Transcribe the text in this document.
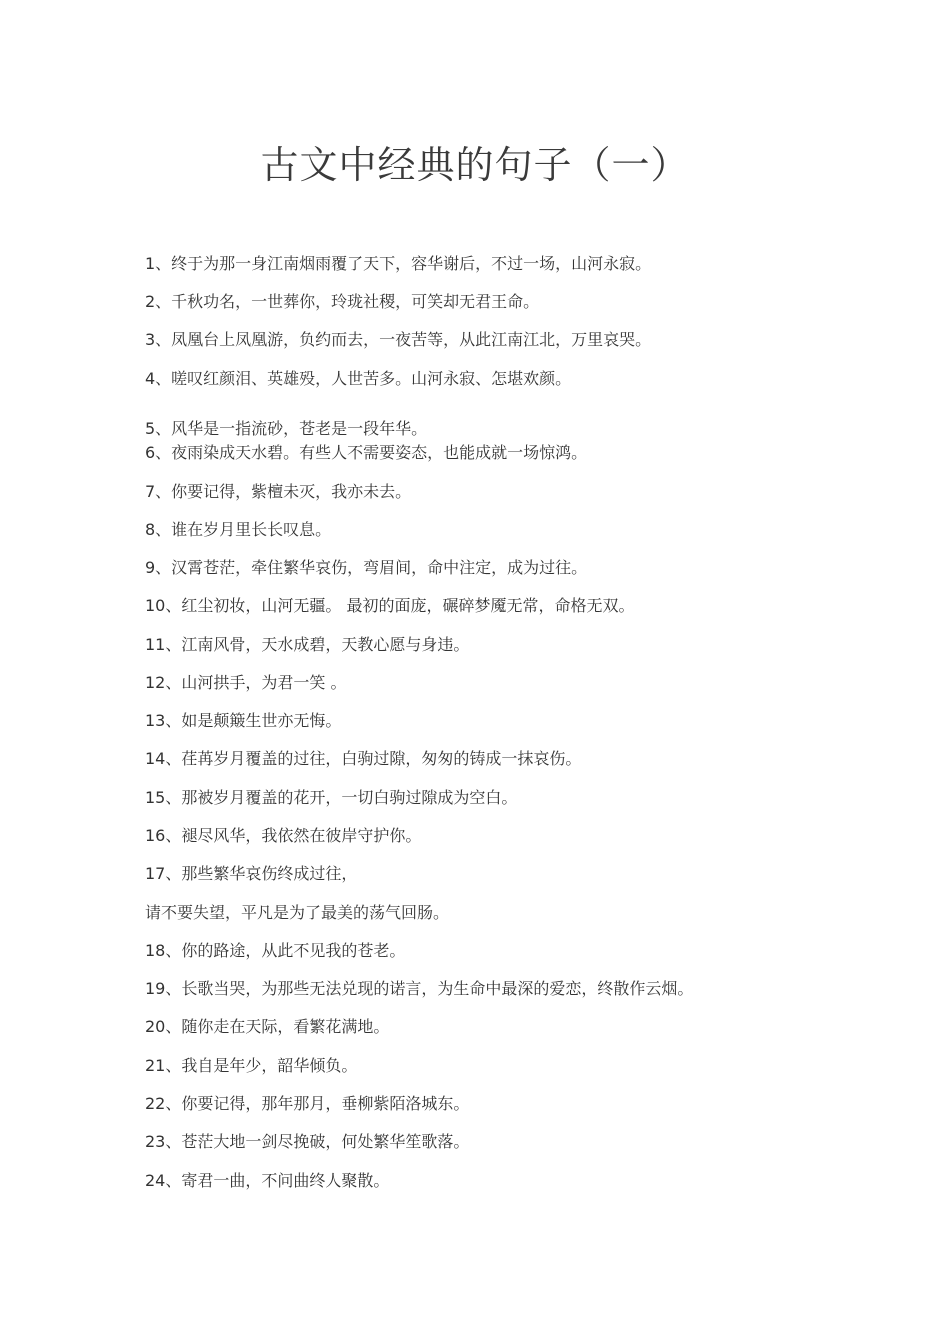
古文中经典的句子（一）
1、终于为那一身江南烟雨覆了天下，容华谢后，不过一场，山河永寂。
2、千秋功名，一世葬你，玲珑社稷，可笑却无君王命。
3、凤凰台上凤凰游，负约而去，一夜苦等，从此江南江北，万里哀哭。
4、嗟叹红颜泪、英雄殁，人世苦多。山河永寂、怎堪欢颜。
5、风华是一指流砂，苍老是一段年华。
6、夜雨染成天水碧。有些人不需要姿态，也能成就一场惊鸿。
7、你要记得，紫檀未灭，我亦未去。
8、谁在岁月里长长叹息。
9、汉霄苍茫，牵住繁华哀伤，弯眉间，命中注定，成为过往。
10、红尘初妆，山河无疆。 最初的面庞，碾碎梦魇无常，命格无双。
11、江南风骨，天水成碧，天教心愿与身违。
12、山河拱手，为君一笑 。
13、如是颠簸生世亦无悔。
14、荏苒岁月覆盖的过往，白驹过隙，匆匆的铸成一抹哀伤。
15、那被岁月覆盖的花开，一切白驹过隙成为空白。
16、褪尽风华，我依然在彼岸守护你。
17、那些繁华哀伤终成过往，
请不要失望，平凡是为了最美的荡气回肠。
18、你的路途，从此不见我的苍老。
19、长歌当哭，为那些无法兑现的诺言，为生命中最深的爱恋，终散作云烟。
20、随你走在天际，看繁花满地。
21、我自是年少，韶华倾负。
22、你要记得，那年那月，垂柳紫陌洛城东。
23、苍茫大地一剑尽挽破，何处繁华笙歌落。
24、寄君一曲，不问曲终人聚散。
